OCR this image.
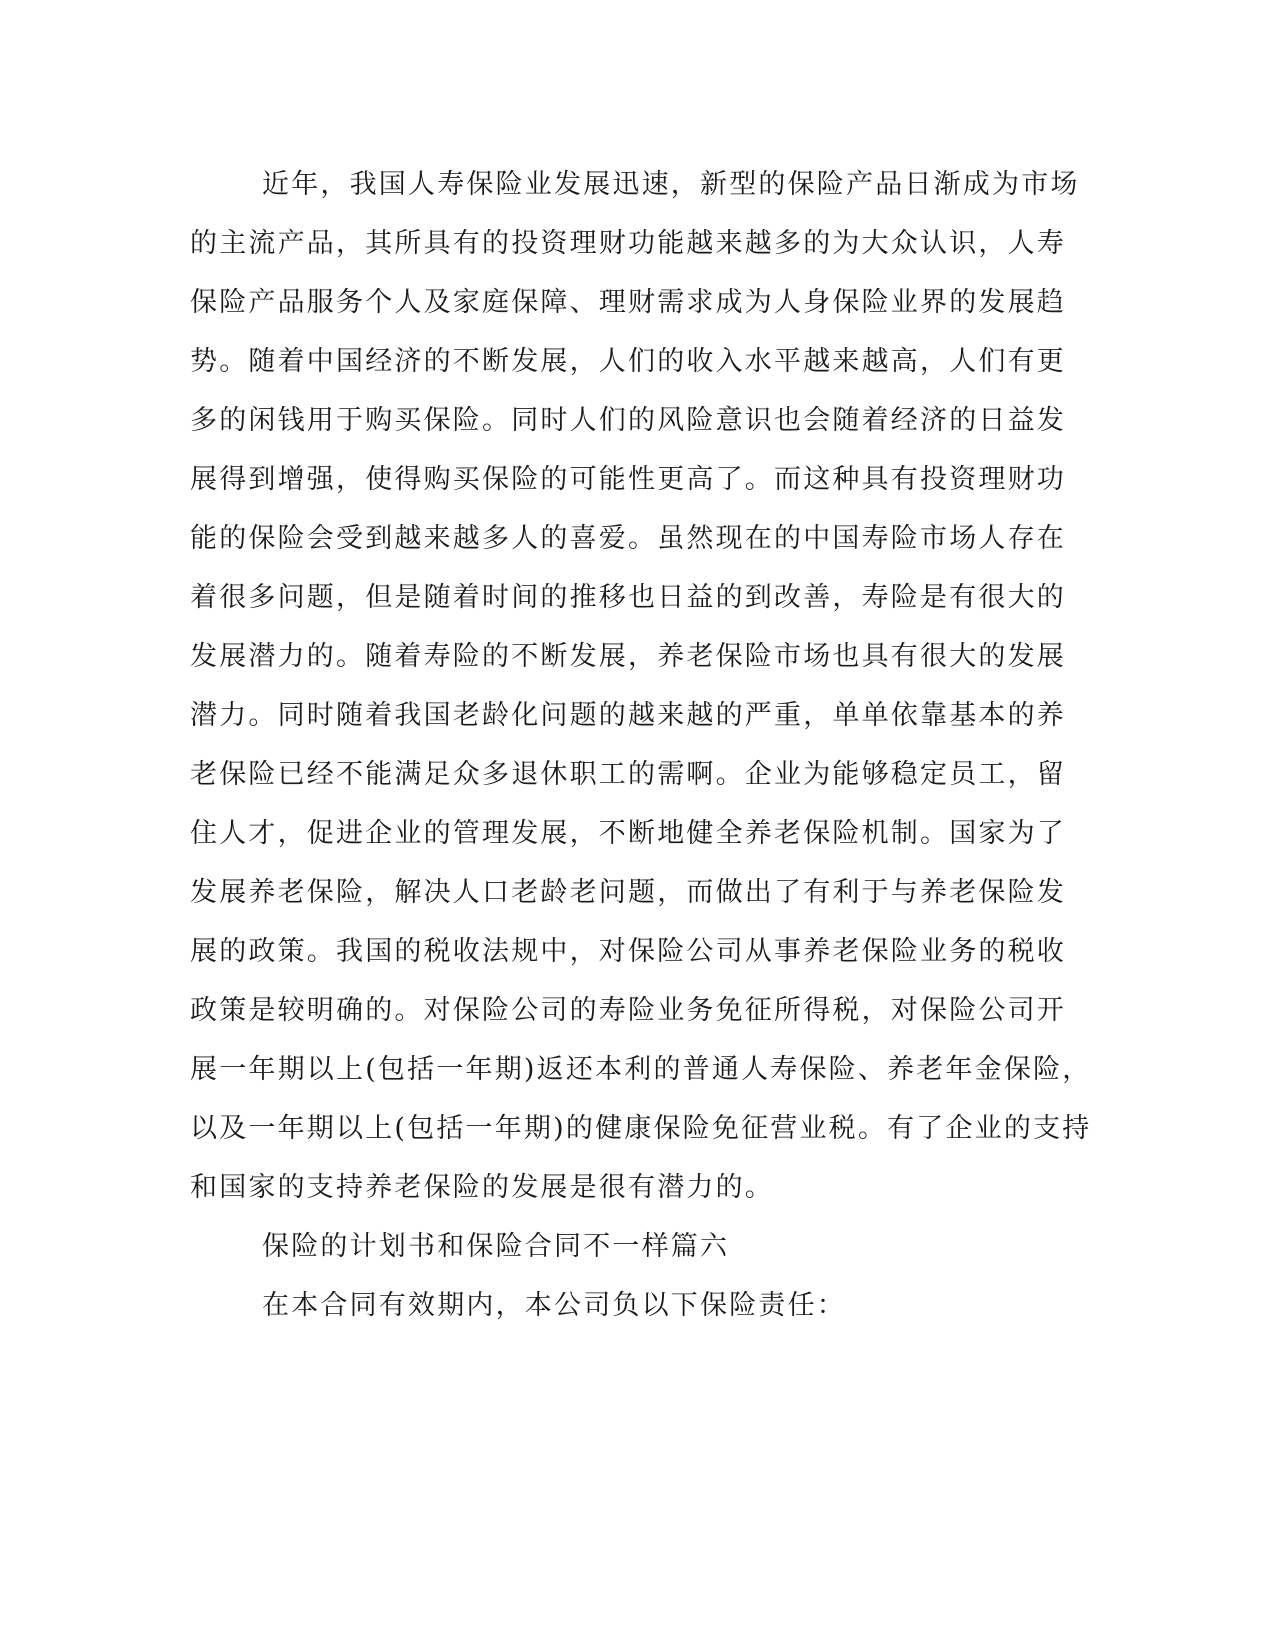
近年，我国人寿保险业发展迅速，新型的保险产品日渐成为市场
的主流产品，其所具有的投资理财功能越来越多的为大众认识，人寿
保险产品服务个人及家庭保障、理财需求成为人身保险业界的发展趋
势。随着中国经济的不断发展，人们的收入水平越来越高，人们有更
多的闲钱用于购买保险。同时人们的风险意识也会随着经济的日益发
展得到增强，使得购买保险的可能性更高了。而这种具有投资理财功
能的保险会受到越来越多人的喜爱。虽然现在的中国寿险市场人存在
着很多问题，但是随着时间的推移也日益的到改善，寿险是有很大的
发展潜力的。随着寿险的不断发展，养老保险市场也具有很大的发展
潜力。同时随着我国老龄化问题的越来越的严重，单单依靠基本的养
老保险已经不能满足众多退休职工的需啊。企业为能够稳定员工，留
住人才，促进企业的管理发展，不断地健全养老保险机制。国家为了
发展养老保险，解决人口老龄老问题，而做出了有利于与养老保险发
展的政策。我国的税收法规中，对保险公司从事养老保险业务的税收
政策是较明确的。对保险公司的寿险业务免征所得税，对保险公司开
展一年期以上(包括一年期)返还本利的普通人寿保险、养老年金保险，
以及一年期以上(包括一年期)的健康保险免征营业税。有了企业的支持
和国家的支持养老保险的发展是很有潜力的。
保险的计划书和保险合同不一样篇六
在本合同有效期内，本公司负以下保险责任：
